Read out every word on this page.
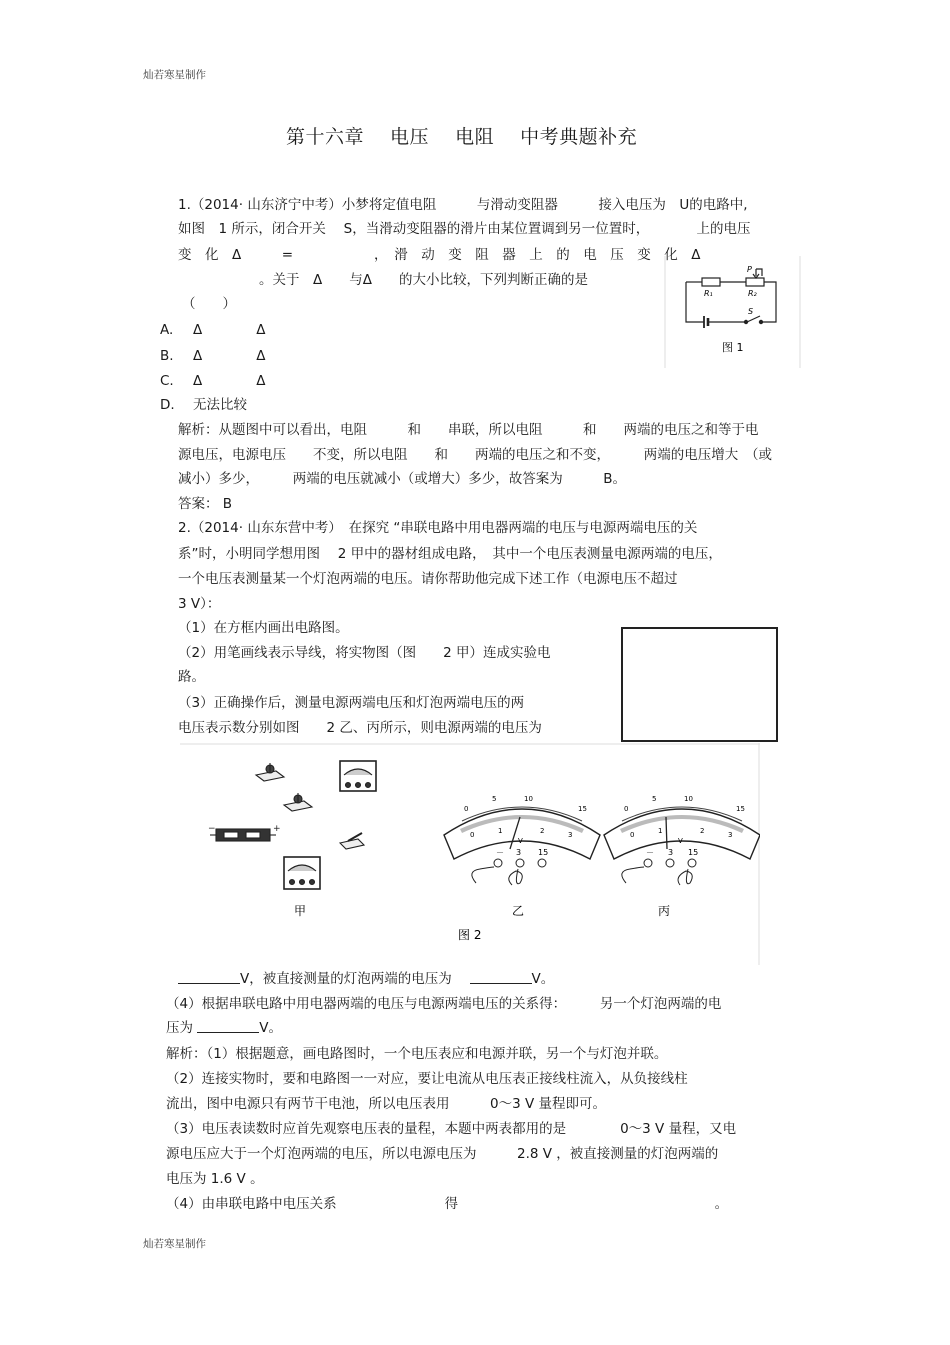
灿若寒星制作
第十六章　 电压　 电阻　 中考典题补充
1.（2014· 山东济宁中考）小梦将定值电阻　　　与滑动变阻器　　　接入电压为　U的电路中,
如图　1 所示，闭合开关　 S，当滑动变阻器的滑片由某位置调到另一位置时，　　　　上的电压
变　化　Δ　　　=　　　　　　，　滑　动　变　阻　器　上　的　电　压　变　化　Δ
　　　　　　。关于　Δ　　与Δ　　的大小比较，下列判断正确的是
（　　）
A. Δ　　　　Δ
B. Δ　　　　Δ
C. Δ　　　　Δ
D. 无法比较
R₁	R₂
P
S
图 1
解析：从题图中可以看出，电阻　　　和　　串联，所以电阻　　　和　　两端的电压之和等于电
源电压，电源电压　　不变，所以电阻　　和　　两端的电压之和不变，　　　两端的电压增大　（或
减小）多少，　　　两端的电压就减小（或增大）多少，故答案为　　　B。
答案： B
2.（2014· 山东东营中考）　在探究 “串联电路中用电器两端的电压与电源两端电压的关
系”时，小明同学想用图　 2 甲中的器材组成电路，　其中一个电压表测量电源两端的电压，
一个电压表测量某一个灯泡两端的电压。请你帮助他完成下述工作（电源电压不超过
3 V）：
（1）在方框内画出电路图。
（2）用笔画线表示导线，将实物图（图　　2 甲）连成实验电
路。
（3）正确操作后，测量电源两端电压和灯泡两端电压的两
电压表示数分别如图　　2 乙、丙所示，则电源两端的电压为
−	+
甲
0
5	10
15
0	1	2	3
V
－ 3 15
乙
0
5	10
15
0	1	2	3
V
－ 3 15
丙
图 2
V，被直接测量的灯泡两端的电压为　	V。
（4）根据串联电路中用电器两端的电压与电源两端电压的关系得：　　　另一个灯泡两端的电
压为	V。
解析：（1）根据题意，画电路图时，一个电压表应和电源并联，另一个与灯泡并联。
（2）连接实物时，要和电路图一一对应，要让电流从电压表正接线柱流入，从负接线柱
流出，图中电源只有两节干电池，所以电压表用　　　0～3 V 量程即可。
（3）电压表读数时应首先观察电压表的量程，本题中两表都用的是　　　　0～3 V 量程，又电
源电压应大于一个灯泡两端的电压，所以电源电压为　　　2.8 V ，被直接测量的灯泡两端的
电压为 1.6 V 。
（4）由串联电路中电压关系　　　　　　　　得　　　　　　　　　　　　　　　　　　　。
灿若寒星制作
